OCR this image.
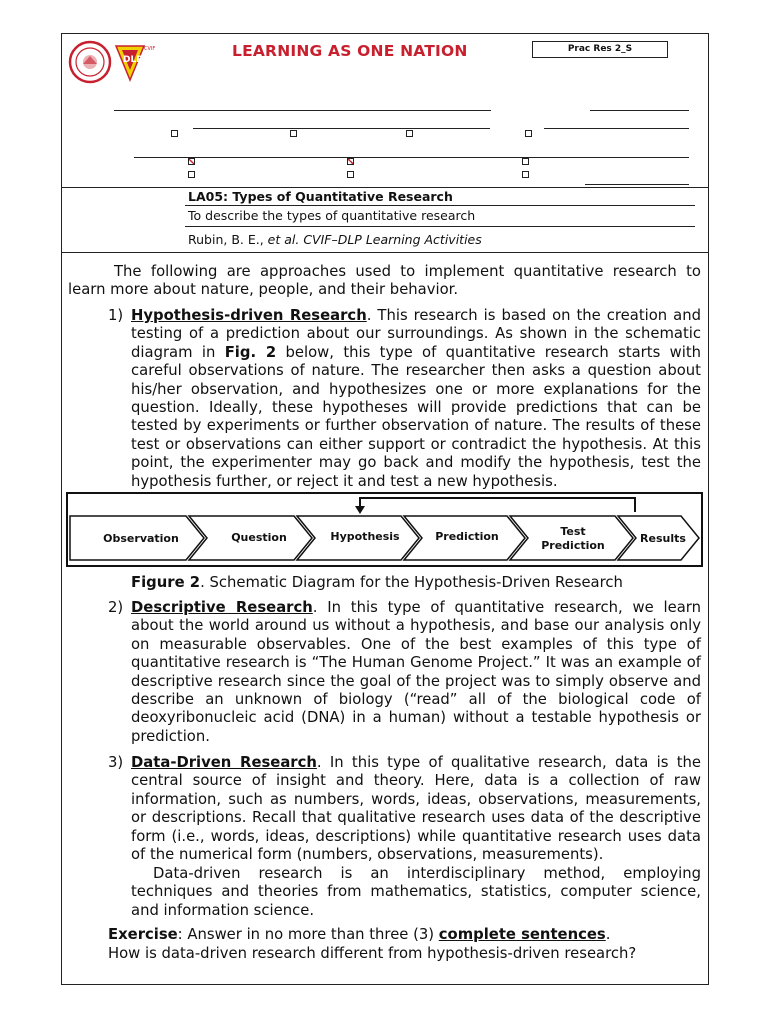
DLP
CVIF	LEARNING AS ONE NATION	Prac Res 2_S
LA05: Types of Quantitative Research
To describe the types of quantitative research
Rubin, B. E., et al. CVIF–DLP Learning Activities
The following are approaches used to implement quantitative research to learn more about nature, people, and their behavior.
1) Hypothesis-driven Research. This research is based on the creation and testing of a prediction about our surroundings. As shown in the schematic diagram in Fig. 2 below, this type of quantitative research starts with careful observations of nature. The researcher then asks a question about his/her observation, and hypothesizes one or more explanations for the question. Ideally, these hypotheses will provide predictions that can be tested by experiments or further observation of nature. The results of these test or observations can either support or contradict the hypothesis. At this point, the experimenter may go back and modify the hypothesis, test the hypothesis further, or reject it and test a new hypothesis.
Observation	Question	Hypothesis	Prediction	Test
Prediction
Results
Figure 2. Schematic Diagram for the Hypothesis-Driven Research
2) Descriptive Research. In this type of quantitative research, we learn about the world around us without a hypothesis, and base our analysis only on measurable observables. One of the best examples of this type of quantitative research is “The Human Genome Project.” It was an example of descriptive research since the goal of the project was to simply observe and describe an unknown of biology (“read” all of the biological code of deoxyribonucleic acid (DNA) in a human) without a testable hypothesis or prediction.
3) Data-Driven Research. In this type of qualitative research, data is the central source of insight and theory. Here, data is a collection of raw information, such as numbers, words, ideas, observations, measurements, or descriptions. Recall that qualitative research uses data of the descriptive form (i.e., words, ideas, descriptions) while quantitative research uses data of the numerical form (numbers, observations, measurements).
Data-driven research is an interdisciplinary method, employing techniques and theories from mathematics, statistics, computer science, and information science.
Exercise: Answer in no more than three (3) complete sentences.
How is data-driven research different from hypothesis-driven research?
